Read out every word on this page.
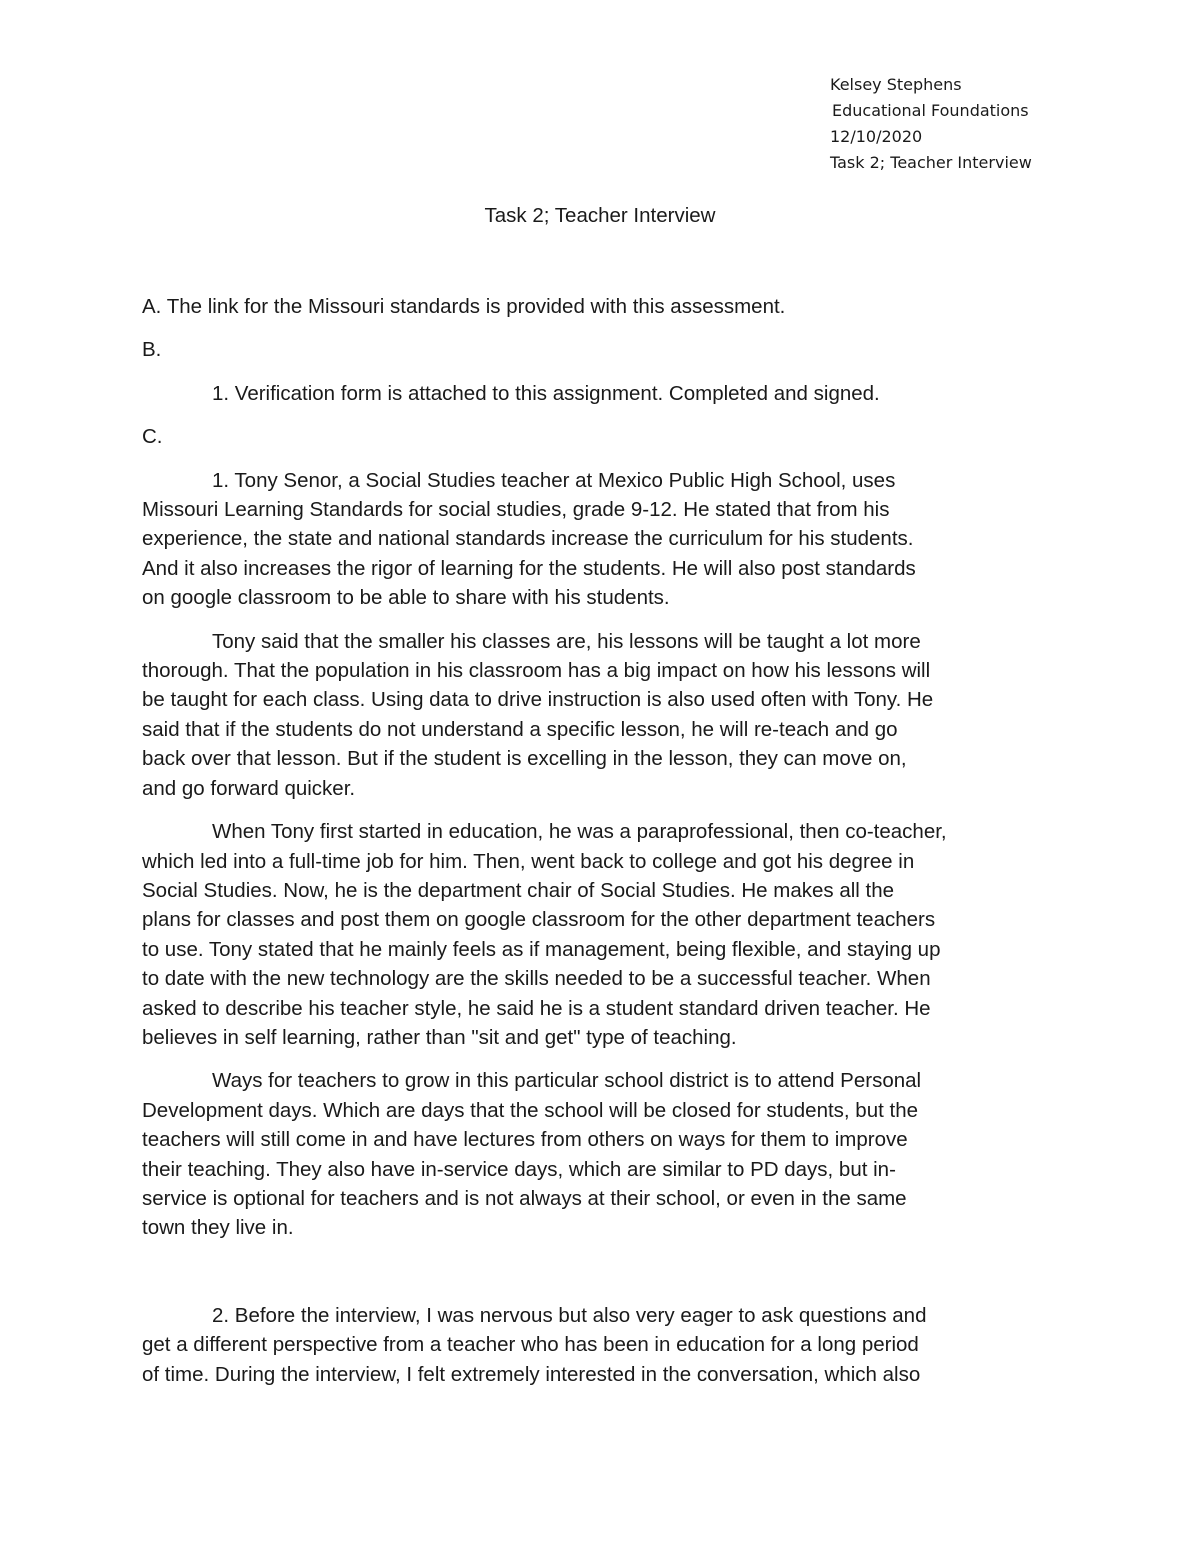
Kelsey Stephens
Educational Foundations
12/10/2020
Task 2; Teacher Interview
Task 2; Teacher Interview

A. The link for the Missouri standards is provided with this assessment.

B.

1. Verification form is attached to this assignment. Completed and signed.

C.

1. Tony Senor, a Social Studies teacher at Mexico Public High School, uses
Missouri Learning Standards for social studies, grade 9-12. He stated that from his
experience, the state and national standards increase the curriculum for his students.
And it also increases the rigor of learning for the students. He will also post standards
on google classroom to be able to share with his students.
Tony said that the smaller his classes are, his lessons will be taught a lot more
thorough. That the population in his classroom has a big impact on how his lessons will
be taught for each class. Using data to drive instruction is also used often with Tony. He
said that if the students do not understand a specific lesson, he will re-teach and go
back over that lesson. But if the student is excelling in the lesson, they can move on,
and go forward quicker.
When Tony first started in education, he was a paraprofessional, then co-teacher,
which led into a full-time job for him. Then, went back to college and got his degree in
Social Studies. Now, he is the department chair of Social Studies. He makes all the
plans for classes and post them on google classroom for the other department teachers
to use. Tony stated that he mainly feels as if management, being flexible, and staying up
to date with the new technology are the skills needed to be a successful teacher. When
asked to describe his teacher style, he said he is a student standard driven teacher. He
believes in self learning, rather than "sit and get" type of teaching.
Ways for teachers to grow in this particular school district is to attend Personal
Development days. Which are days that the school will be closed for students, but the
teachers will still come in and have lectures from others on ways for them to improve
their teaching. They also have in-service days, which are similar to PD days, but in-
service is optional for teachers and is not always at their school, or even in the same
town they live in.
2. Before the interview, I was nervous but also very eager to ask questions and
get a different perspective from a teacher who has been in education for a long period
of time. During the interview, I felt extremely interested in the conversation, which also
